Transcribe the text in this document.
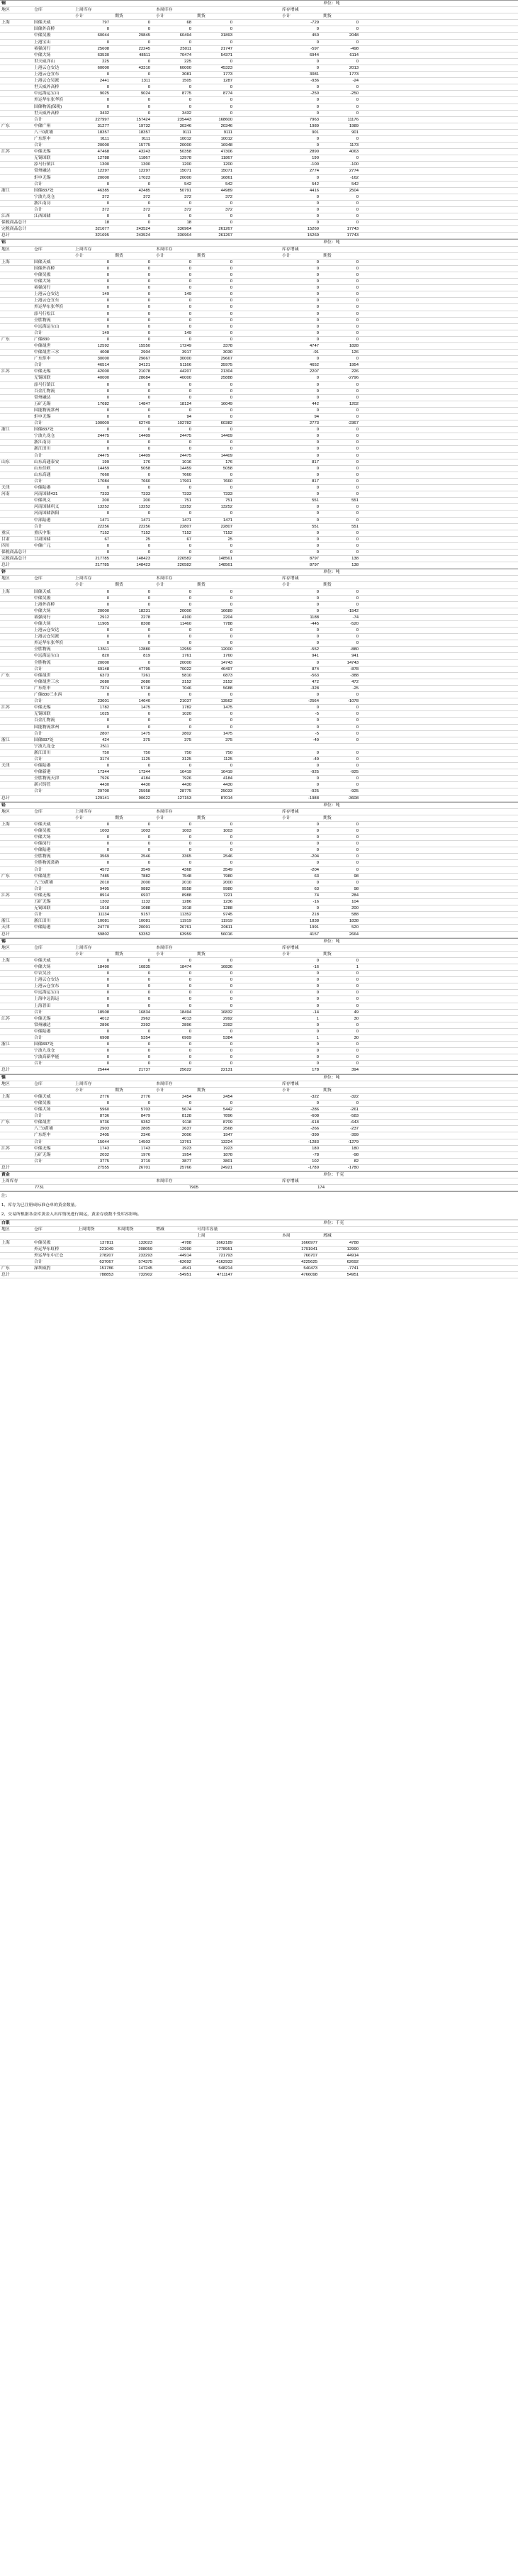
铜	单位：吨
地区	仓库	上周库存	本周库存	库存增减
小计	期货	小计	期货	小计	期货
上海	国储天威	797	0	68	0	-729	0
国储外高桥	0	0	0	0	0	0
中储吴淞	60044	29845	60494	31893	450	2048
上港宝山	0	0	0	0	0	0
裕强闵行	25608	22245	25011	21747	-597	-498
中储大场	63530	48511	70474	54371	6944	6114
世天威洋山	225	0	225	0	0	0
上港云仓安达	60000	43310	60000	45323	0	2013
上港云仓宜东	0	0	3081	1773	3081	1773
上港云仓吴淞	2441	1311	1505	1287	-936	-24
世天威外高桥	0	0	0	0	0	0
中远海运宝山	9025	9024	8775	8774	-250	-250
外运华东张华浜	0	0	0	0	0	0
国储物流(保税)	0	0	0	0	0	0
世天威外高桥	3432	0	3432	0	0	0
合计	227997	157424	235443	168600	7963	11176
广东	中储广州	31277	19732	30346	20346	1989	1989
八三0黄埔	18357	18357	9111	9111	901	901
广东炬申	9111	9111	10012	10012	0	0
合计	20000	15775	20000	16948	0	1173
江苏	中储无锡	47468	43243	50358	47306	2890	4063
无锡国联	12788	11867	12978	11867	190	0
添马行镇江	1300	1300	1200	1200	-100	-100
常州融达	12297	12297	15071	15071	2774	2774
炬申无锡	20000	17023	20000	16861	0	-162
合计	0	0	542	542	542	542
浙江	国储837处	46385	42485	50791	44989	4416	2504
宁波九龙仓	372	372	372	372	0	0
浙江南浔	0	0	0	0	0	0
合计	372	372	372	372	0	0
江西	江西国储	0	0	0	0	0	0
保税商品总计	18	0	18	0	0	0
完税商品总计	321677	243524	336964	261267	15269	17743
总计	321695	243524	336964	261267	15269	17743
铝	单位：吨
地区	仓库	上周库存	本周库存	库存增减
小计	期货	小计	期货	小计	期货
上海	国储天威	0	0	0	0	0	0
国储外高桥	0	0	0	0	0	0
中储吴淞	0	0	0	0	0	0
中储大场	0	0	0	0	0	0
裕强闵行	0	0	0	0	0	0
上港云仓安达	149	0	149	0	0	0
上港云仓宜东	0	0	0	0	0	0
外运华东张华浜	0	0	0	0	0	0
添马行松江	0	0	0	0	0	0
全胜物流	0	0	0	0	0	0
中远海运宝山	0	0	0	0	0	0
合计	149	0	149	0	0	0
广东	广储830	0	0	0	0	0	0
中储晟世	12592	15550	17249	3378	4747	1828
中储晟世三水	4008	2904	3917	3030	-91	126
广东炬申	30000	29667	30000	29667	0	0
合计	46514	34121	51166	35975	4652	1954
江苏	中储无锡	42000	21078	44207	21304	2207	226
无锡国联	40000	28684	40000	25888	0	-2796
添马行镇江	0	0	0	0	0	0
百金汇物流	0	0	0	0	0	0
常州融达	0	0	0	0	0	0
五矿无锡	17682	14847	18124	16049	442	1202
国能物流常州	0	0	0	0	0	0
炬申无锡	0	0	94	0	94	0
合计	100009	62749	102782	60382	2773	-2367
浙江	国储837处	0	0	0	0	0	0
宁波九龙仓	24475	14409	24475	14409	0	0
浙江南浔	0	0	0	0	0	0
浙江田川	0	0	0	0	0	0
合计	24475	14409	24475	14409	0	0
山东	山东高通泰安	199	176	1016	176	817	0
山东佳欧	14459	5058	14459	5058	0	0
山东高通	7660	0	7660	0	0	0
合计	17084	7660	17901	7660	817	0
天津	中储陆港	0	0	0	0	0	0
河南	河南国储431	7333	7333	7333	7333	0	0
中储巩义	200	200	751	751	551	551
河南国储巩义	13252	13252	13252	13252	0	0
河南国储洛阳	0	0	0	0	0	0
中部陆港	1471	1471	1471	1471	0	0
合计	22256	22256	22807	22807	551	551
重庆	重庆中集	7152	7152	7152	7152	0	0
甘肃	甘肃国储	67	25	67	25	0	0
四川	中储广元	0	0	0	0	0	0
保税商品总计	0	0	0	0	0	0
完税商品总计	217785	148423	226582	148561	8797	138
总计	217785	148423	226582	148561	8797	138
锌	单位：吨
地区	仓库	上周库存	本周库存	库存增减
小计	期货	小计	期货	小计	期货
上海	国储天威	0	0	0	0	0	0
中储吴淞	0	0	0	0	0	0
上港外高桥	0	0	0	0	0	0
中储大场	20000	18231	20000	16689	0	-1542
裕强闵行	2912	2278	4100	2204	1188	-74
中储大场	11905	8308	11460	7788	-445	-520
上港云仓安达	0	0	0	0	0	0
上港云仓吴淞	0	0	0	0	0	0
外运华东张华浜	0	0	0	0	0	0
全胜物流	13511	12880	12959	12000	-552	-880
中远海运宝山	820	819	1761	1760	941	941
全胜物流	20000	0	20000	14743	0	14743
合计	69148	47795	70022	46497	874	-878
广东	中储晟世	6373	7261	5810	6873	-563	-388
中储晟世三水	2680	2680	3152	3152	472	472
广东炬申	7374	5718	7046	5688	-328	-25
广储830三水西	0	0	0	0	0	0
合计	23601	14640	21037	13562	-2564	-1078
江苏	中储无锡	1782	1475	1782	1475	0	0
无锡国联	1025	0	1020	0	-5	0
百金汇物流	0	0	0	0	0	0
国能物流常州	0	0	0	0	0	0
合计	2807	1475	2802	1475	-5	0
浙江	国储837处	424	375	375	375	-49	0
宁波九龙仓	2511
浙江田川	750	750	750	750	0	0
合计	3174	1125	3125	1125	-49	0
天津	中储陆港	0	0	0	0	0	0
中储新港	17344	17344	16419	16419	-925	-925
全胜物流天津	7926	4184	7926	4184	0	0
新兴铸管	4430	4430	4430	4430	0	0
合计	29700	25958	28775	25033	-925	-925
总计	129141	90622	127153	87014	-1988	-3608
铅	单位：吨
地区	仓库	上周库存	本周库存	库存增减
小计	期货	小计	期货	小计	期货
上海	中储天威	0	0	0	0	0	0
中储吴淞	1003	1003	1003	1003	0	0
中储大场	0	0	0	0	0	0
中储闵行	0	0	0	0	0	0
中储陆港	0	0	0	0	0	0
全胜物流	3569	2546	3365	2546	-204	0
全胜物流常熟	0	0	0	0	0	0
合计	4572	3549	4368	3549	-204	0
广东	中储晟世	7485	7882	7548	7980	63	98
八三0黄埔	2010	2000	2010	2000	0	0
合计	9495	9882	9558	9980	63	98
江苏	中储无锡	8914	6937	8988	7221	74	284
五矿无锡	1302	1132	1286	1236	-16	104
无锡国联	1918	1088	1918	1288	0	200
合计	11134	9157	11352	9745	218	588
浙江	浙江田川	10081	10081	11919	11919	1838	1838
天津	中储陆港	24770	20091	26761	20611	1991	520
总计	59802	53352	63959	56016	4157	2664
锡	单位：吨
地区	仓库	上周库存	本周库存	库存增减
小计	期货	小计	期货	小计	期货
上海	中储天威	0	0	0	0	0	0
中储大场	18490	16835	18474	16836	-16	1
中农吴泾	0	0	0	0	0	0
上港云仓安达	0	0	0	0	0	0
上港云仓宜东	0	0	0	0	0	0
中远海运宝山	0	0	0	0	0	0
上海中远海运	0	0	0	0	0	0
上海普田	0	0	0	0	0	0
合计	18508	16834	18494	16832	-14	49
江苏	中储无锡	4012	2962	4013	2992	1	30
常州融达	2896	2392	2896	2392	0	0
中储陆港	0	0	0	0	0	0
合计	6908	5354	6909	5384	1	30
浙江	国储837处	0	0	0	0	0	0
宁波九龙仓	0	0	0	0	0	0
宁波高新华能	0	0	0	0	0	0
合计	0	0	0	0	0	0
总计	25444	21737	25622	22131	178	394
镍	单位：吨
地区	仓库	上周库存	本周库存	库存增减
小计	期货	小计	期货	小计	期货
上海	中储天威	2776	2776	2454	2454	-322	-322
中储吴淞	0	0	0	0	0	0
中储大场	5960	5703	5674	5442	-286	-261
合计	8736	8479	8128	7896	-608	-583
广东	中储晟世	9736	9352	9118	8709	-618	-643
八三0黄埔	2903	2805	2637	2568	-266	-237
广东炬申	2405	2346	2006	1947	-399	-399
合计	15044	14503	13761	13224	-1283	-1279
江苏	中储无锡	1743	1743	1923	1923	180	180
五矿无锡	2032	1976	1954	1878	-78	-98
合计	3775	3719	3877	3801	102	82
总计	27555	26701	25766	24921	-1789	-1780
黄金	单位：千克
上周库存	本周库存	库存增减
7731	7905	174
注：
1、库存为已注册成标准仓单的黄金数量。
2、交易所根据各金库黄金入出库情况进行调运，黄金存放数不受库容影响。
白银	单位：千克
地区	仓库	上周期货	本周期货	增减	可用库容量
上周	本周	增减
上海	中储吴淞	137811	133023	-4788	1662189	1666977	4788
外运华东虹桥	221049	208059	-12990	1778951	1791941	12990
外运华东中正仓	278207	233293	-44914	721793	766707	44914
合计	637067	574375	-62692	4162933	4225625	62692
广东	深圳威豹	151786	147245	-4541	548214	540473	-7741
总计	788853	732902	-54951	4711147	4766098	54951
